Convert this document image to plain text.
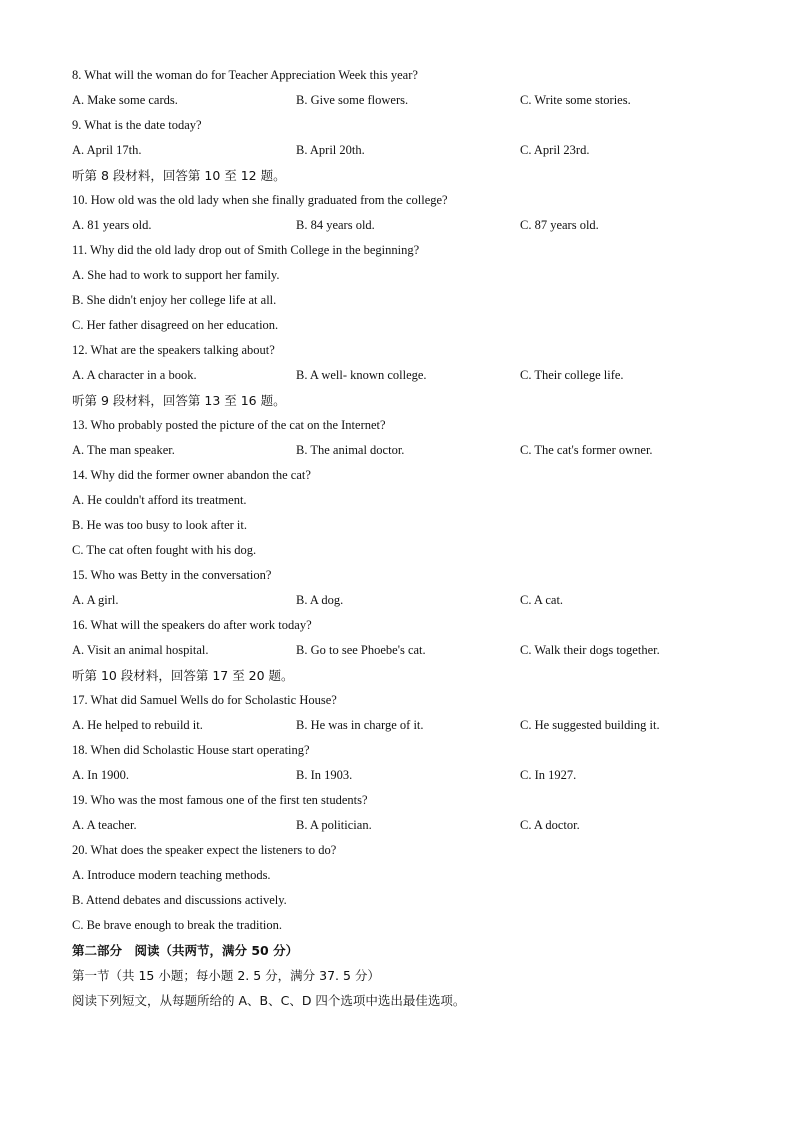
8. What will the woman do for Teacher Appreciation Week this year?
A. Make some cards.	B. Give some flowers.	C. Write some stories.
9. What is the date today?
A. April 17th.	B. April 20th.	C. April 23rd.
听第 8 段材料，回答第 10 至 12 题。
10. How old was the old lady when she finally graduated from the college?
A. 81 years old.	B. 84 years old.	C. 87 years old.
11. Why did the old lady drop out of Smith College in the beginning?
A. She had to work to support her family.
B. She didn't enjoy her college life at all.
C. Her father disagreed on her education.
12. What are the speakers talking about?
A. A character in a book.	B. A well- known college.	C. Their college life.
听第 9 段材料，回答第 13 至 16 题。
13. Who probably posted the picture of the cat on the Internet?
A. The man speaker.	B. The animal doctor.	C. The cat's former owner.
14. Why did the former owner abandon the cat?
A. He couldn't afford its treatment.
B. He was too busy to look after it.
C. The cat often fought with his dog.
15. Who was Betty in the conversation?
A. A girl.	B. A dog.	C. A cat.
16. What will the speakers do after work today?
A. Visit an animal hospital.	B. Go to see Phoebe's cat.	C. Walk their dogs together.
听第 10 段材料，回答第 17 至 20 题。
17. What did Samuel Wells do for Scholastic House?
A. He helped to rebuild it.	B. He was in charge of it.	C. He suggested building it.
18. When did Scholastic House start operating?
A. In 1900.	B. In 1903.	C. In 1927.
19. Who was the most famous one of the first ten students?
A. A teacher.	B. A politician.	C. A doctor.
20. What does the speaker expect the listeners to do?
A. Introduce modern teaching methods.
B. Attend debates and discussions actively.
C. Be brave enough to break the tradition.
第二部分　阅读（共两节，满分 50 分）
第一节（共 15 小题；每小题 2. 5 分，满分 37. 5 分）
阅读下列短文，从每题所给的 A、B、C、D 四个选项中选出最佳选项。
